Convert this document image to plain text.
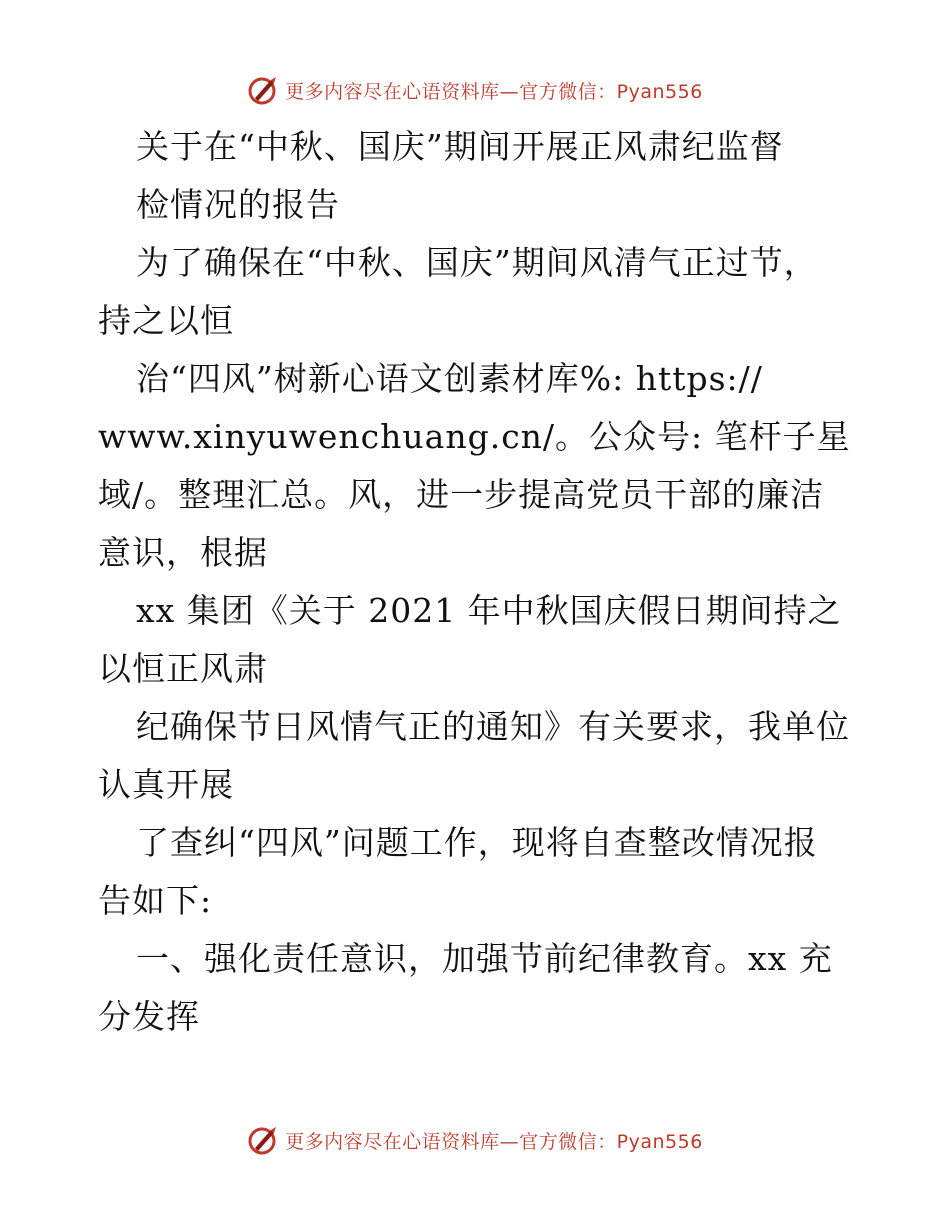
更多内容尽在心语资料库—官方微信：Pyan556
关于在“中秋、国庆”期间开展正风肃纪监督
检情况的报告
为了确保在“中秋、国庆”期间风清气正过节，
持之以恒
治“四风”树新心语文创素材库%: https://
www.xinyuwenchuang.cn/。公众号: 笔杆子星
域/。整理汇总。风，进一步提高党员干部的廉洁
意识，根据
xx 集团《关于 2021 年中秋国庆假日期间持之
以恒正风肃
纪确保节日风情气正的通知》有关要求，我单位
认真开展
了查纠“四风”问题工作，现将自查整改情况报
告如下:
一、强化责任意识，加强节前纪律教育。xx 充
分发挥
更多内容尽在心语资料库—官方微信：Pyan556
